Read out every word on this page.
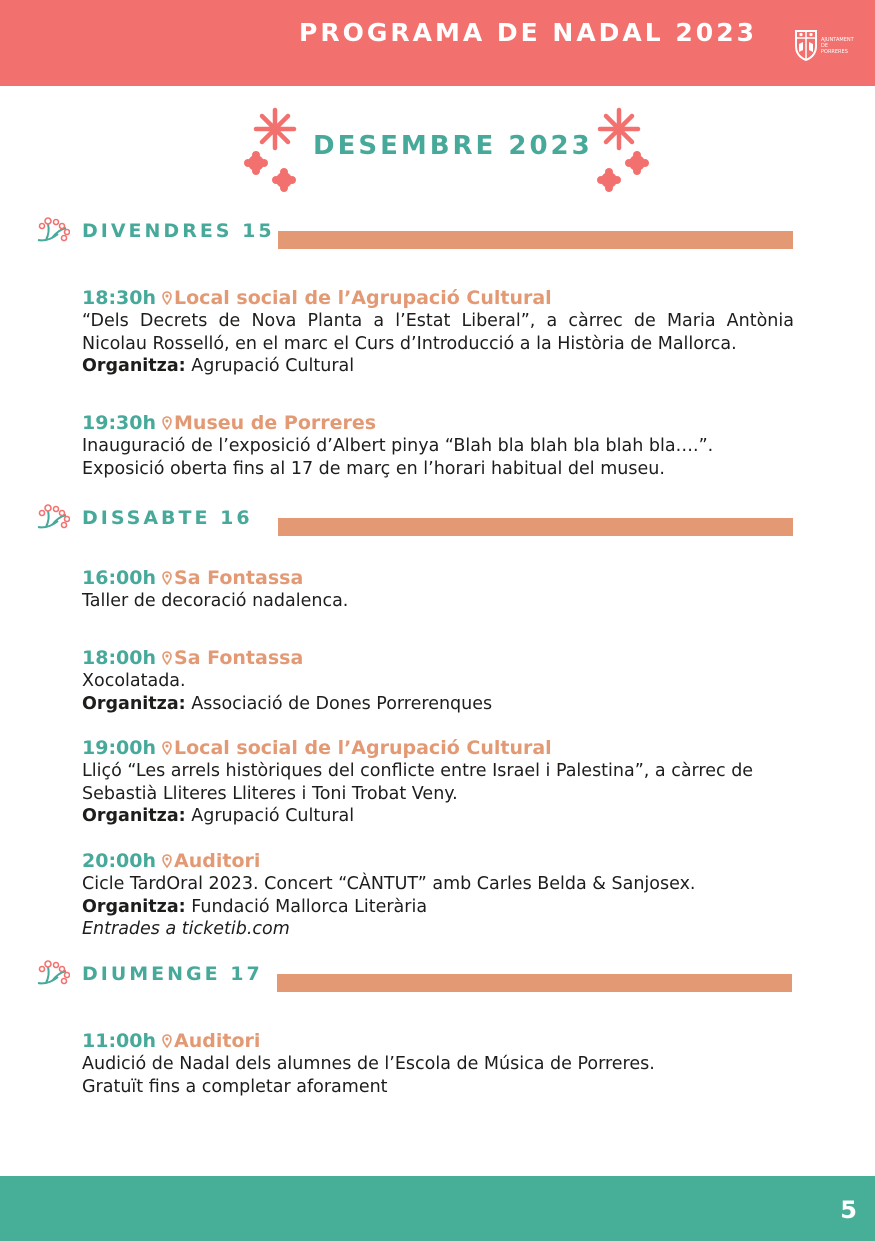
PROGRAMA DE NADAL 2023	AJUNTAMENT
DE PORRERES
DESEMBRE 2023
DIVENDRES 15
18:30h Local social de l’Agrupació Cultural
“Dels Decrets de Nova Planta a l’Estat Liberal”, a càrrec de Maria Antònia Nicolau Rosselló, en el marc el Curs d’Introducció a la Història de Mallorca.
Organitza: Agrupació Cultural
19:30h Museu de Porreres
Inauguració de l’exposició d’Albert pinya “Blah bla blah bla blah bla….”. Exposició oberta fins al 17 de març en l’horari habitual del museu.
DISSABTE 16
16:00h Sa Fontassa
Taller de decoració nadalenca.
18:00h Sa Fontassa
Xocolatada.
Organitza: Associació de Dones Porrerenques
19:00h Local social de l’Agrupació Cultural
Lliçó “Les arrels històriques del conflicte entre Israel i Palestina”, a càrrec de Sebastià Lliteres Lliteres i Toni Trobat Veny.
Organitza: Agrupació Cultural
20:00h Auditori
Cicle TardOral 2023. Concert “CÀNTUT” amb Carles Belda & Sanjosex.
Organitza: Fundació Mallorca Literària
Entrades a ticketib.com
DIUMENGE 17
11:00h Auditori
Audició de Nadal dels alumnes de l’Escola de Música de Porreres.
Gratuït fins a completar aforament
5
